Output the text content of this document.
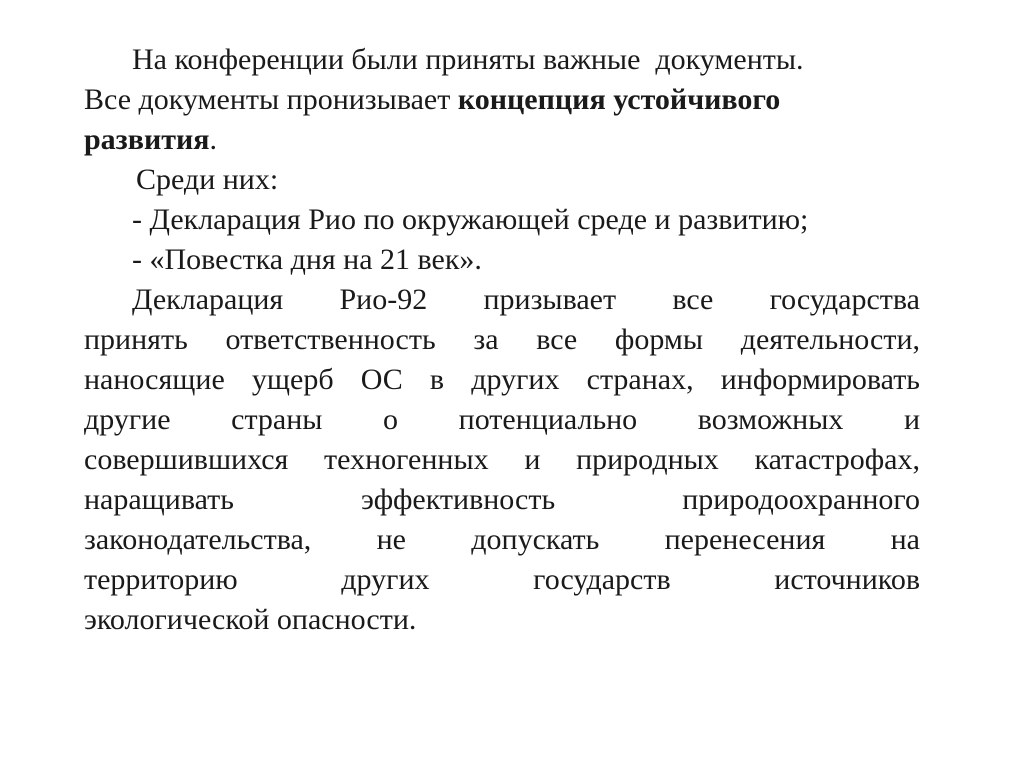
На конференции были приняты важные  документы.
Все документы пронизывает концепция устойчивого
развития.
Среди них:
- Декларация Рио по окружающей среде и развитию;
- «Повестка дня на 21 век».
Декларация Рио-92 призывает все государства
принять ответственность за все формы деятельности,
наносящие ущерб ОС в других странах, информировать
другие страны о потенциально возможных и
совершившихся техногенных и природных катастрофах,
наращивать эффективность природоохранного
законодательства, не допускать перенесения на
территорию других государств источников
экологической опасности.
